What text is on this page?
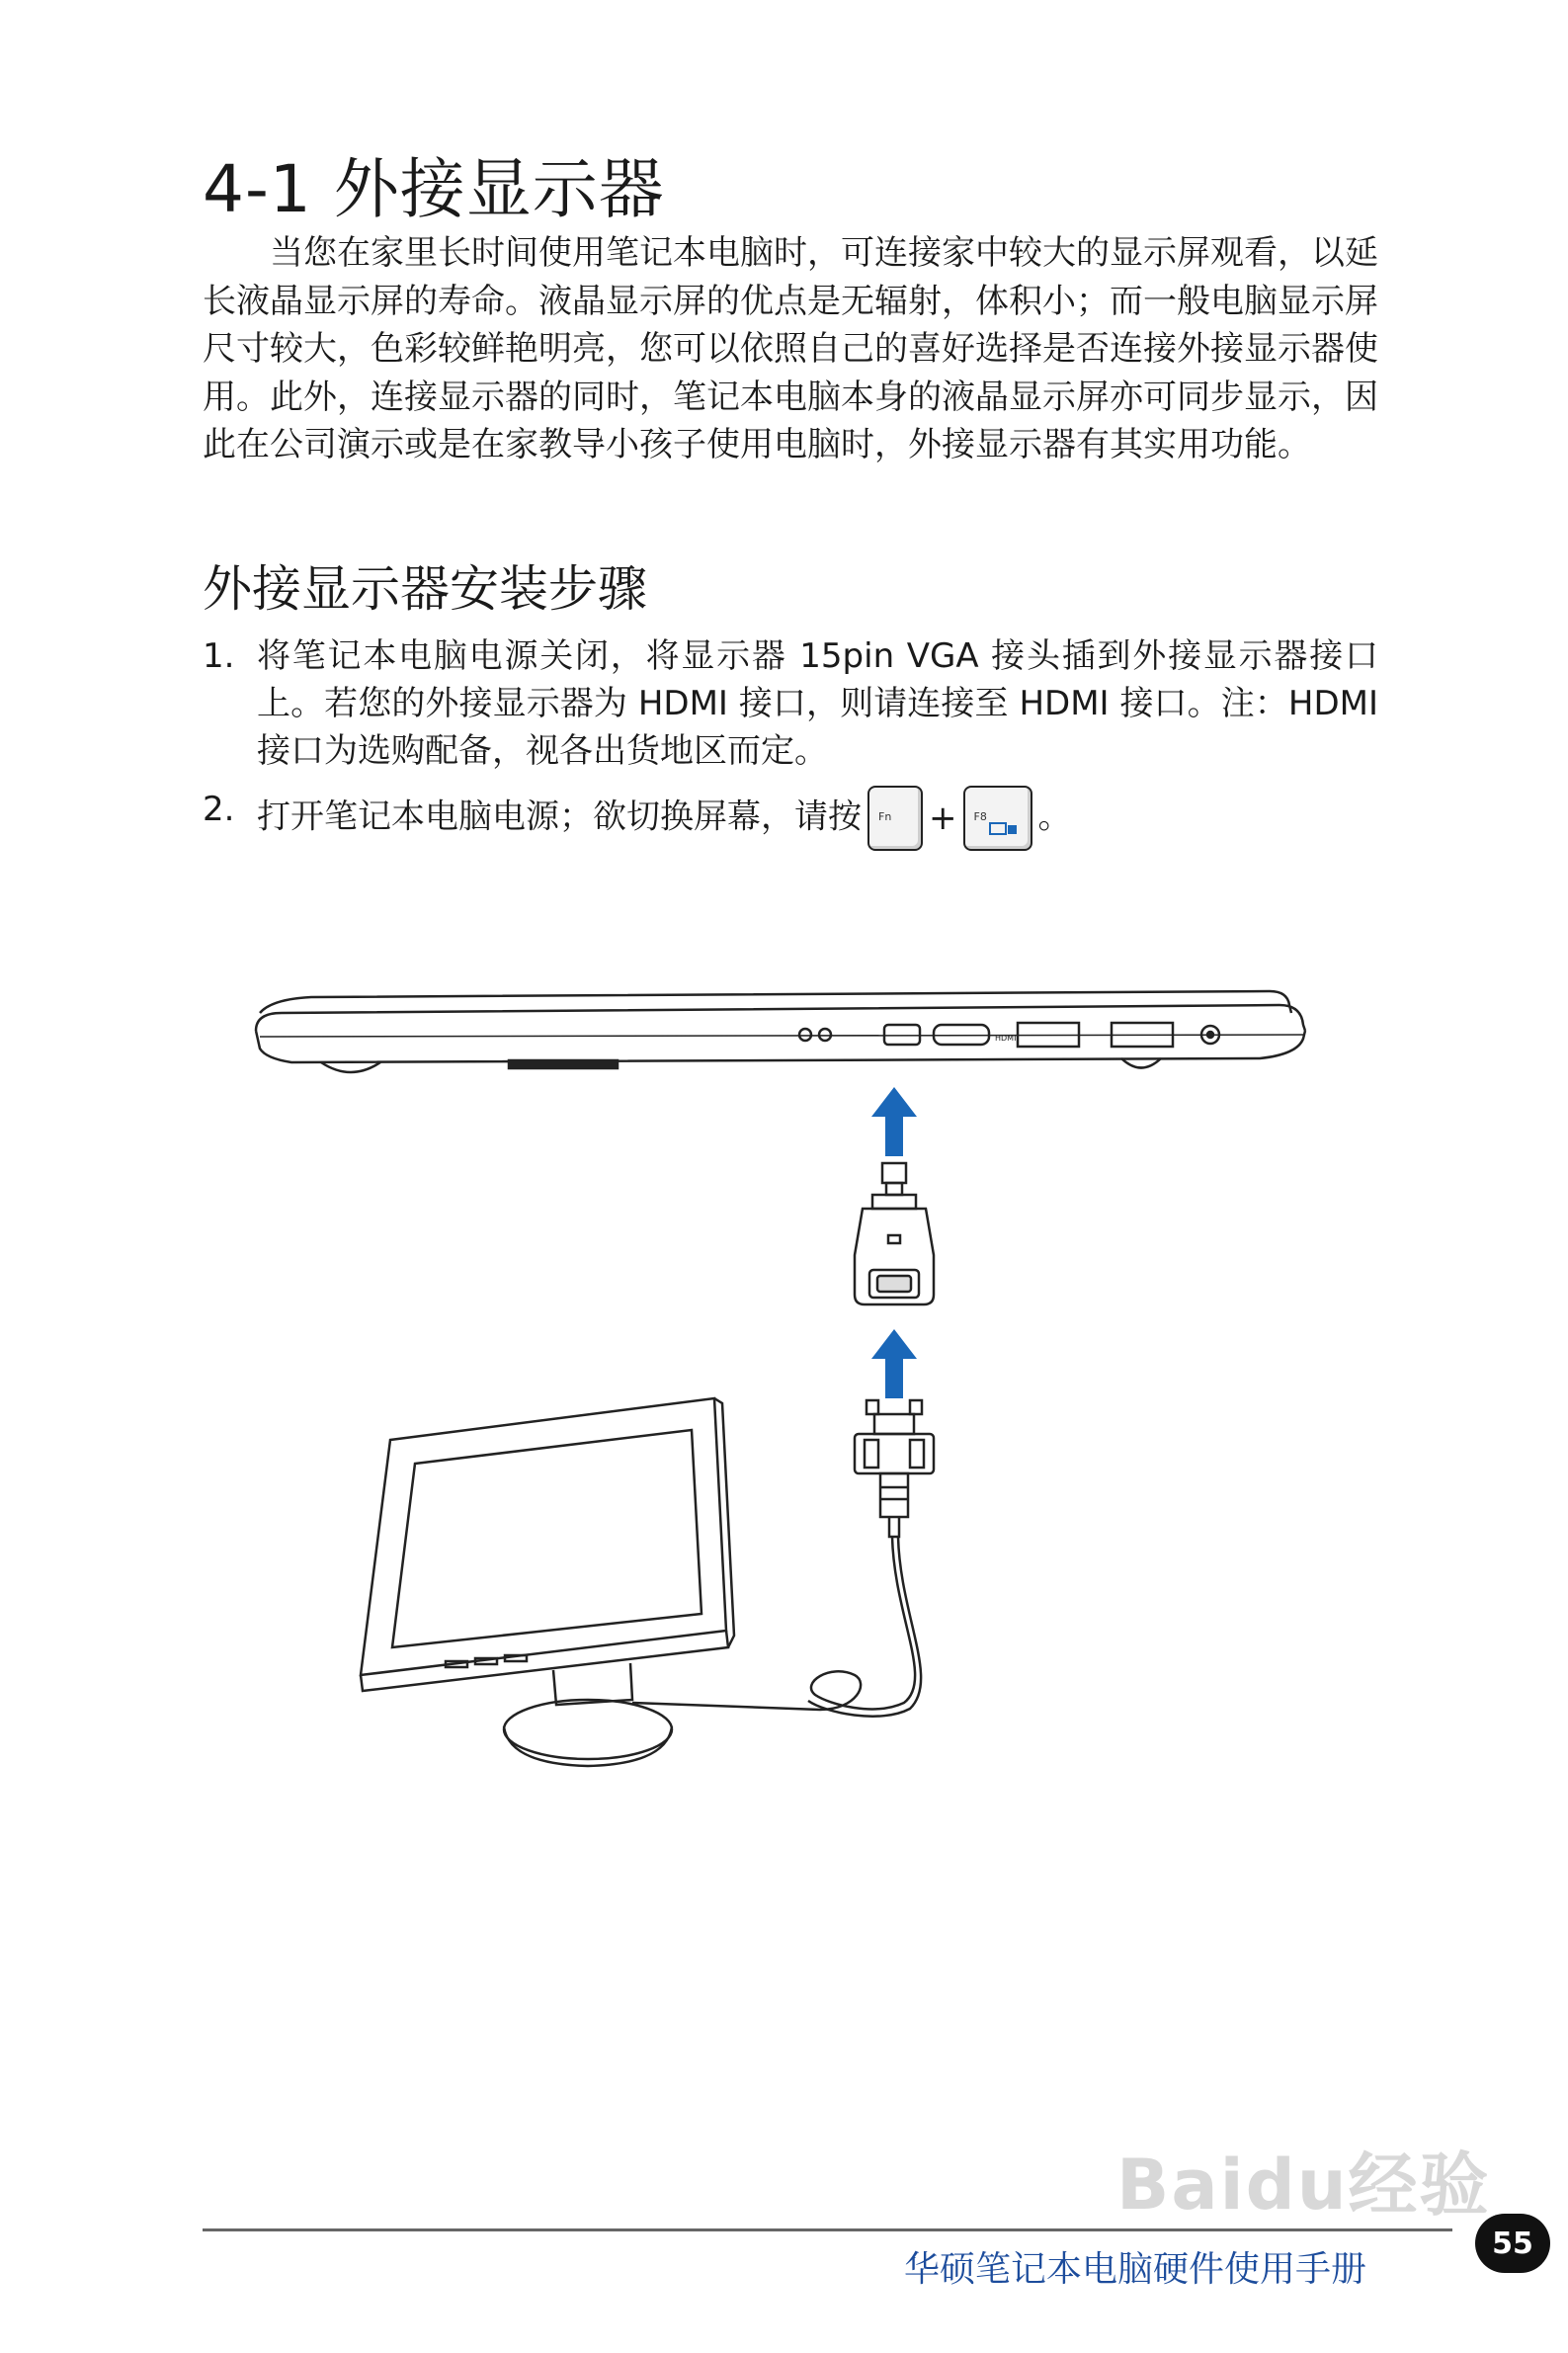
4-1 外接显示器

当您在家里长时间使用笔记本电脑时，可连接家中较大的显示屏观看，以延长液晶显示屏的寿命。液晶显示屏的优点是无辐射，体积小；而一般电脑显示屏尺寸较大，色彩较鲜艳明亮，您可以依照自己的喜好选择是否连接外接显示器使用。此外，连接显示器的同时，笔记本电脑本身的液晶显示屏亦可同步显示，因此在公司演示或是在家教导小孩子使用电脑时，外接显示器有其实用功能。

外接显示器安装步骤
1. 将笔记本电脑电源关闭，将显示器 15pin VGA 接头插到外接显示器接口上。若您的外接显示器为 HDMI 接口，则请连接至 HDMI 接口。注：HDMI 接口为选购配备，视各出货地区而定。
2. 打开笔记本电脑电源；欲切换屏幕，请按 Fn + F8 。
HDMI
Baidu经验
华硕笔记本电脑硬件使用手册
55
